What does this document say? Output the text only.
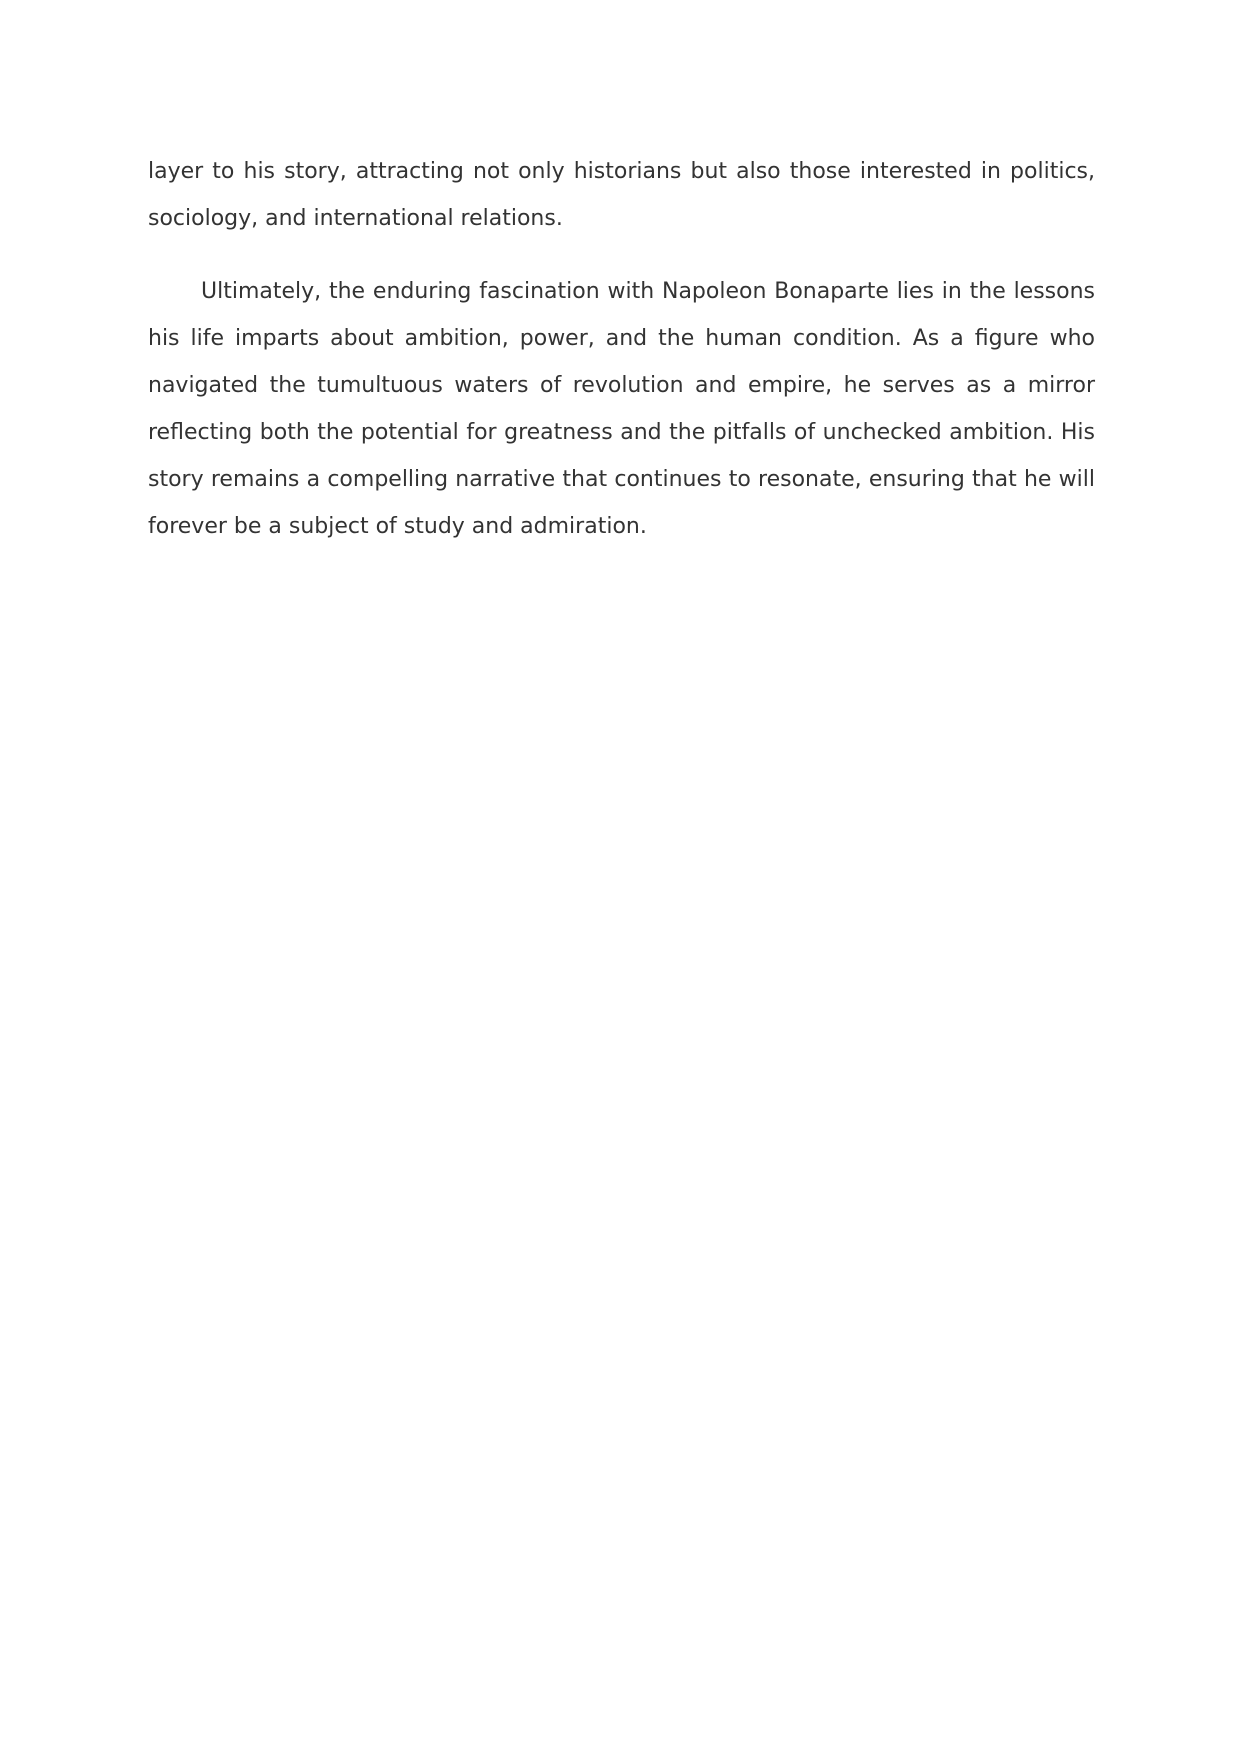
layer to his story, attracting not only historians but also those interested in politics, sociology, and international relations.

Ultimately, the enduring fascination with Napoleon Bonaparte lies in the lessons his life imparts about ambition, power, and the human condition. As a figure who navigated the tumultuous waters of revolution and empire, he serves as a mirror reflecting both the potential for greatness and the pitfalls of unchecked ambition. His story remains a compelling narrative that continues to resonate, ensuring that he will forever be a subject of study and admiration.
